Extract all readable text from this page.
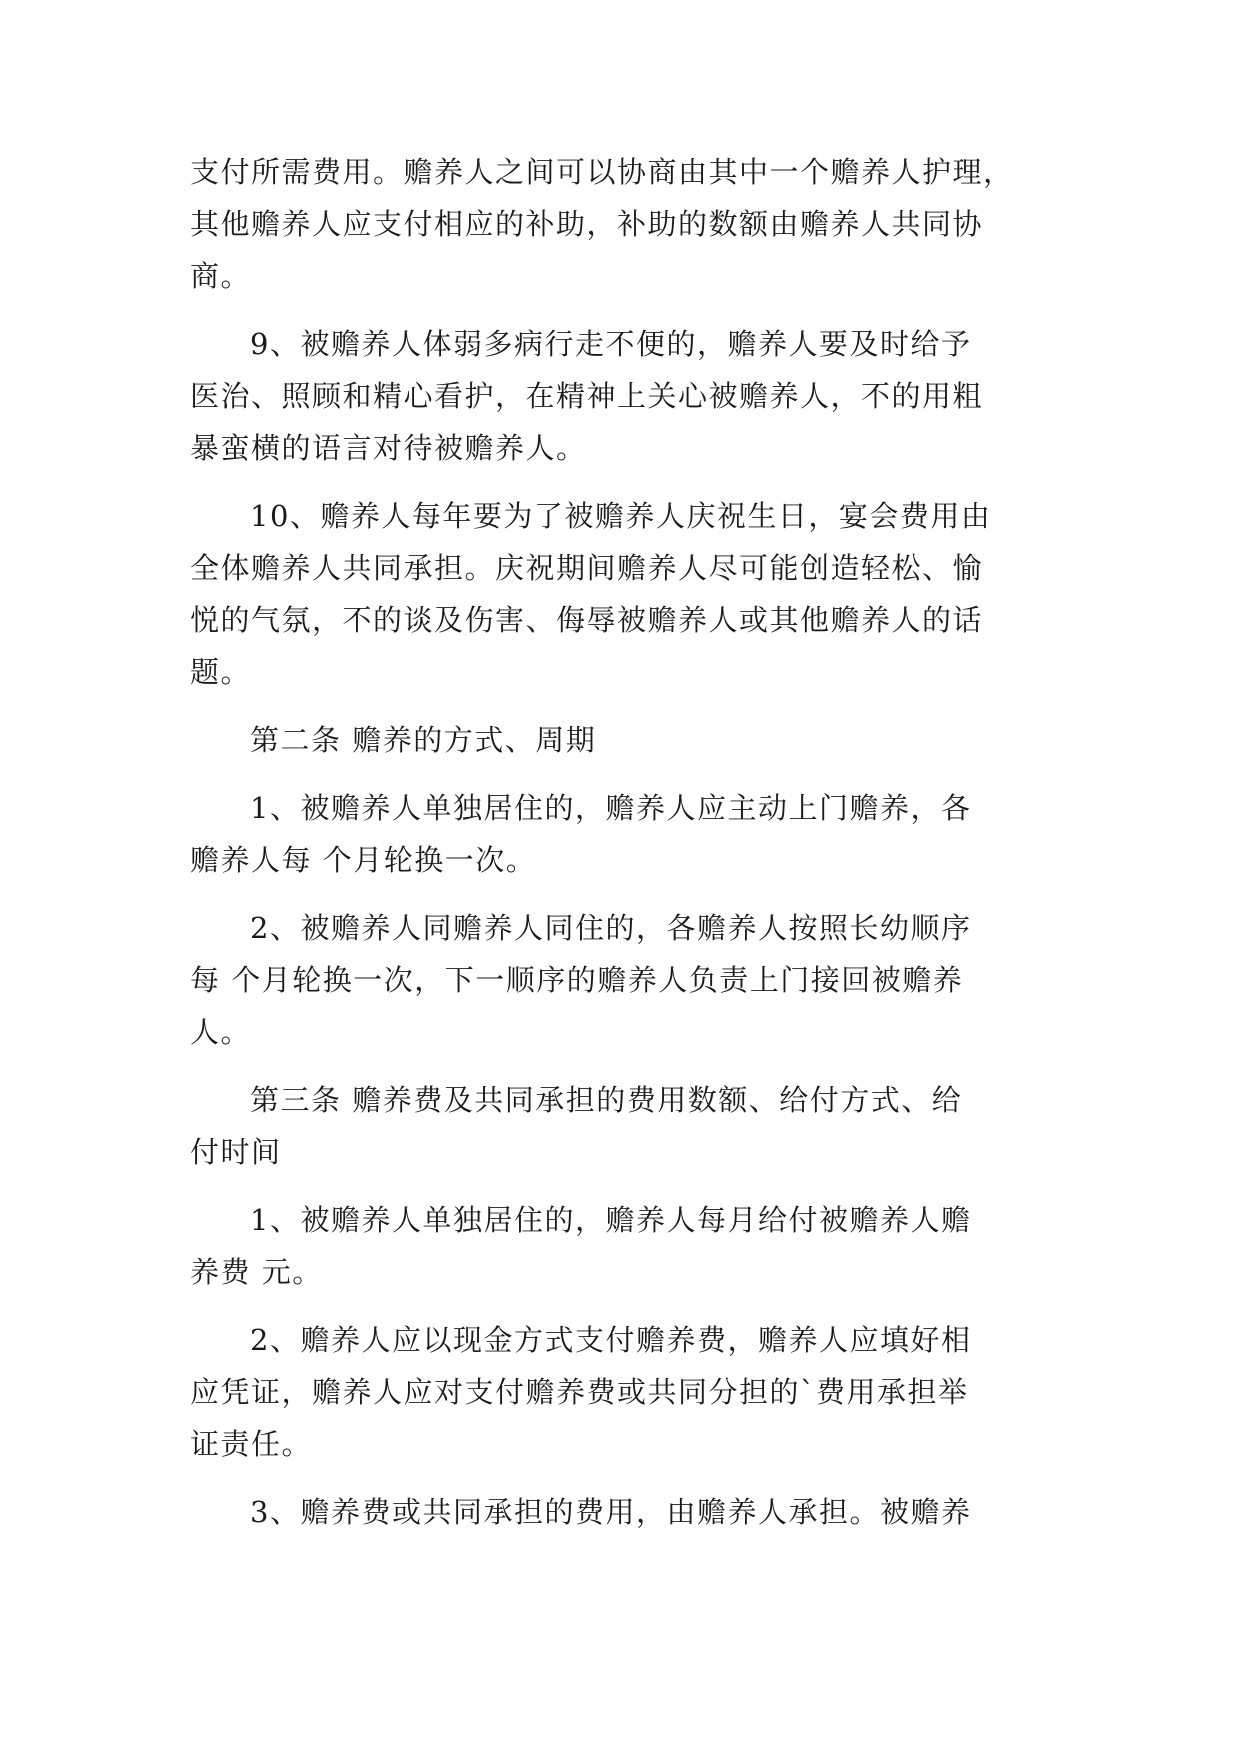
支付所需费用。赡养人之间可以协商由其中一个赡养人护理，
其他赡养人应支付相应的补助，补助的数额由赡养人共同协
商。
9、被赡养人体弱多病行走不便的，赡养人要及时给予
医治、照顾和精心看护，在精神上关心被赡养人，不的用粗
暴蛮横的语言对待被赡养人。
10、赡养人每年要为了被赡养人庆祝生日，宴会费用由
全体赡养人共同承担。庆祝期间赡养人尽可能创造轻松、愉
悦的气氛，不的谈及伤害、侮辱被赡养人或其他赡养人的话
题。
第二条 赡养的方式、周期
1、被赡养人单独居住的，赡养人应主动上门赡养，各
赡养人每 个月轮换一次。
2、被赡养人同赡养人同住的，各赡养人按照长幼顺序
每 个月轮换一次，下一顺序的赡养人负责上门接回被赡养
人。
第三条 赡养费及共同承担的费用数额、给付方式、给
付时间
1、被赡养人单独居住的，赡养人每月给付被赡养人赡
养费 元。
2、赡养人应以现金方式支付赡养费，赡养人应填好相
应凭证，赡养人应对支付赡养费或共同分担的`费用承担举
证责任。
3、赡养费或共同承担的费用，由赡养人承担。被赡养
